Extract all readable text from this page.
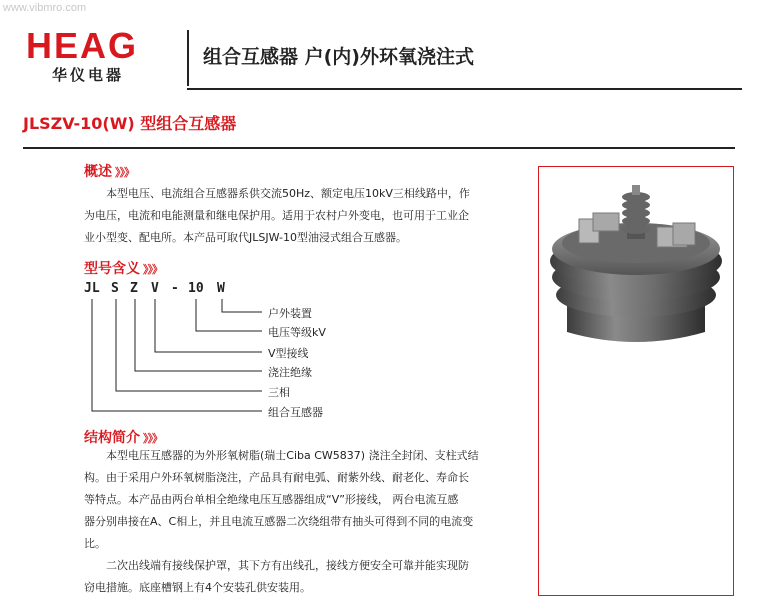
www.vibmro.com
HEAG
华仪电器
组合互感器 户(内)外环氧浇注式
JLSZV-10(W) 型组合互感器
概述 》》》
本型电压、电流组合互感器系供交流50Hz、额定电压10kV三相线路中，作
为电压，电流和电能测量和继电保护用。适用于农村户外变电，也可用于工业企
业小型变、配电所。本产品可取代JLSJW-10型油浸式组合互感器。
型号含义 》》》
JL S Z V - 10 W
户外装置
电压等级kV
V型接线
浇注绝缘
三相
组合互感器
结构简介 》》》
本型电压互感器的为外形氧树脂(瑞士Ciba CW5837) 浇注全封闭、支柱式结
构。由于采用户外环氧树脂浇注，产品具有耐电弧、耐紫外线、耐老化、寿命长
等特点。本产品由两台单相全绝缘电压互感器组成“V”形接线， 两台电流互感
器分别串接在A、C相上，并且电流互感器二次绕组带有抽头可得到不同的电流变
比。
二次出线端有接线保护罩，其下方有出线孔，接线方便安全可靠并能实现防
窃电措施。底座槽钢上有4个安装孔供安装用。
